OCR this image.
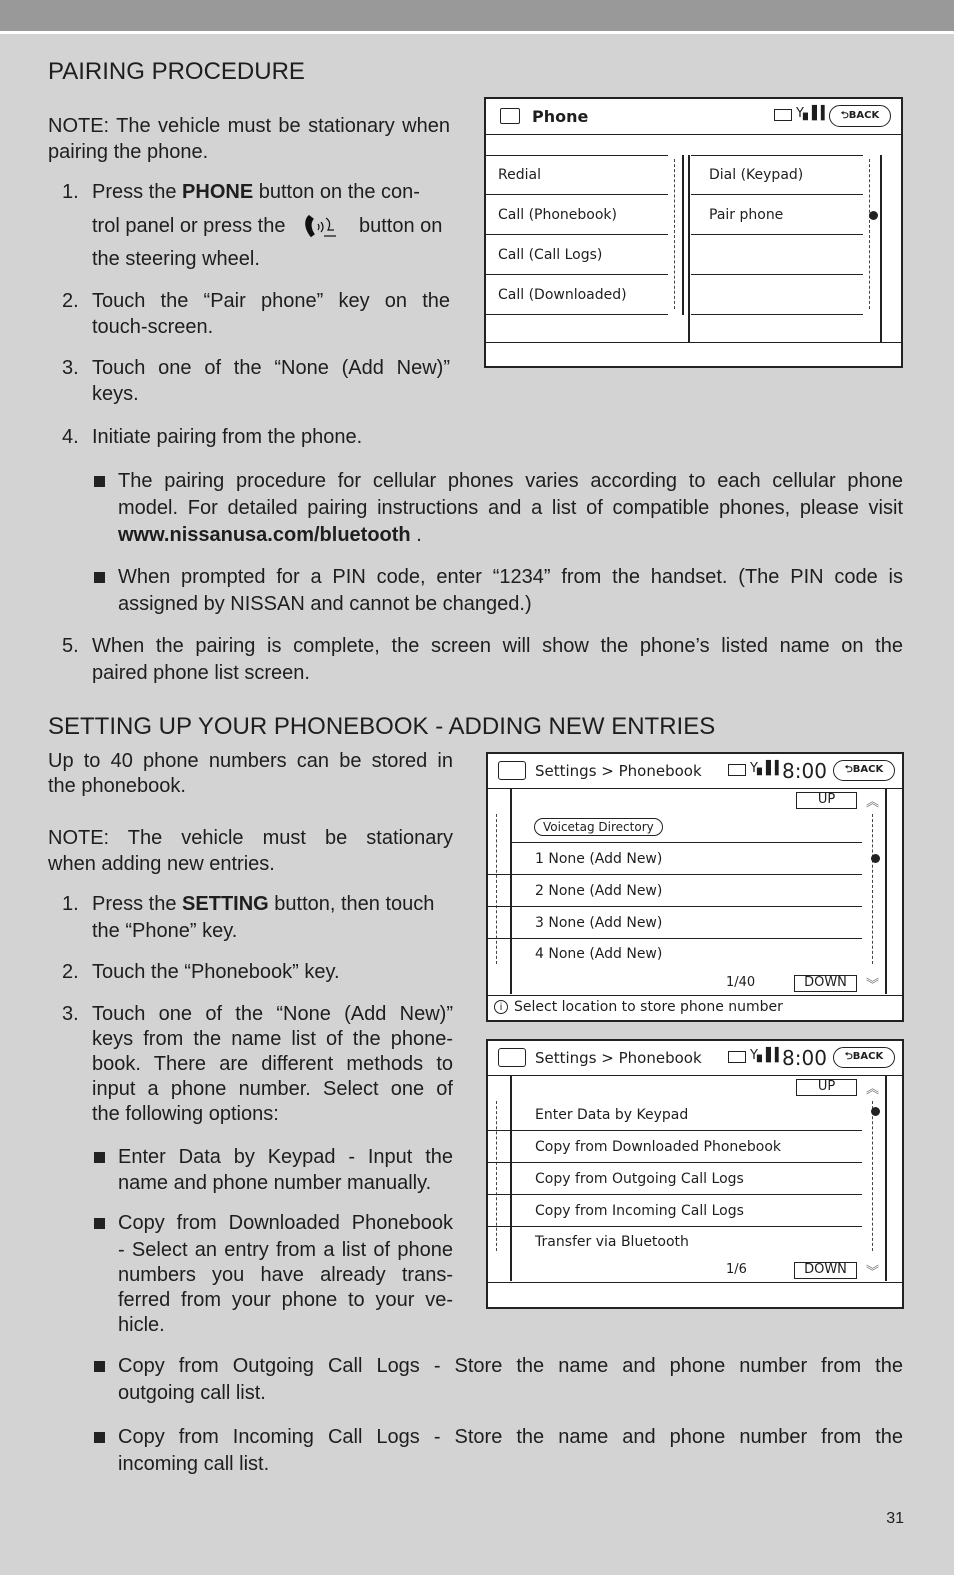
PAIRING PROCEDURE

NOTE: The vehicle must be stationary when pairing the phone.

1. Press the PHONE button on the con-

trol panel or press the	button on

the steering wheel.

2. Touch the “Pair phone” key on the

touch-screen.

3. Touch one of the “None (Add New)”

keys.

4. Initiate pairing from the phone.

The pairing procedure for cellular phones varies according to each cellular phone

model. For detailed pairing instructions and a list of compatible phones, please visit

www.nissanusa.com/bluetooth .

When prompted for a PIN code, enter “1234” from the handset. (The PIN code is

assigned by NISSAN and cannot be changed.)

5. When the pairing is complete, the screen will show the phone’s listed name on the

paired phone list screen.

Phone	Y▖▌▍	⮌BACK
Redial
Call (Phonebook)
Call (Call Logs)
Call (Downloaded)
Dial (Keypad)
Pair phone
SETTING UP YOUR PHONEBOOK - ADDING NEW ENTRIES

Up to 40 phone numbers can be stored in

the phonebook.

NOTE: The vehicle must be stationary

when adding new entries.

1. Press the SETTING button, then touch

the “Phone” key.

2. Touch the “Phonebook” key.

3. Touch one of the “None (Add New)”

keys from the name list of the phone-

book. There are different methods to

input a phone number. Select one of

the following options:

Enter Data by Keypad - Input the

name and phone number manually.

Copy from Downloaded Phonebook

- Select an entry from a list of phone

numbers you have already trans-

ferred from your phone to your ve-

hicle.

Copy from Outgoing Call Logs - Store the name and phone number from the

outgoing call list.

Copy from Incoming Call Logs - Store the name and phone number from the

incoming call list.

Settings > Phonebook	Y▖▌▍
8:00	⮌BACK
UP	︽
Voicetag Directory
1 None (Add New)
2 None (Add New)
3 None (Add New)
4 None (Add New)
1/40	DOWN	︾
i Select location to store phone number
Settings > Phonebook	Y▖▌▍
8:00	⮌BACK
UP	︽
Enter Data by Keypad
Copy from Downloaded Phonebook
Copy from Outgoing Call Logs
Copy from Incoming Call Logs
Transfer via Bluetooth
1/6	DOWN	︾
31
